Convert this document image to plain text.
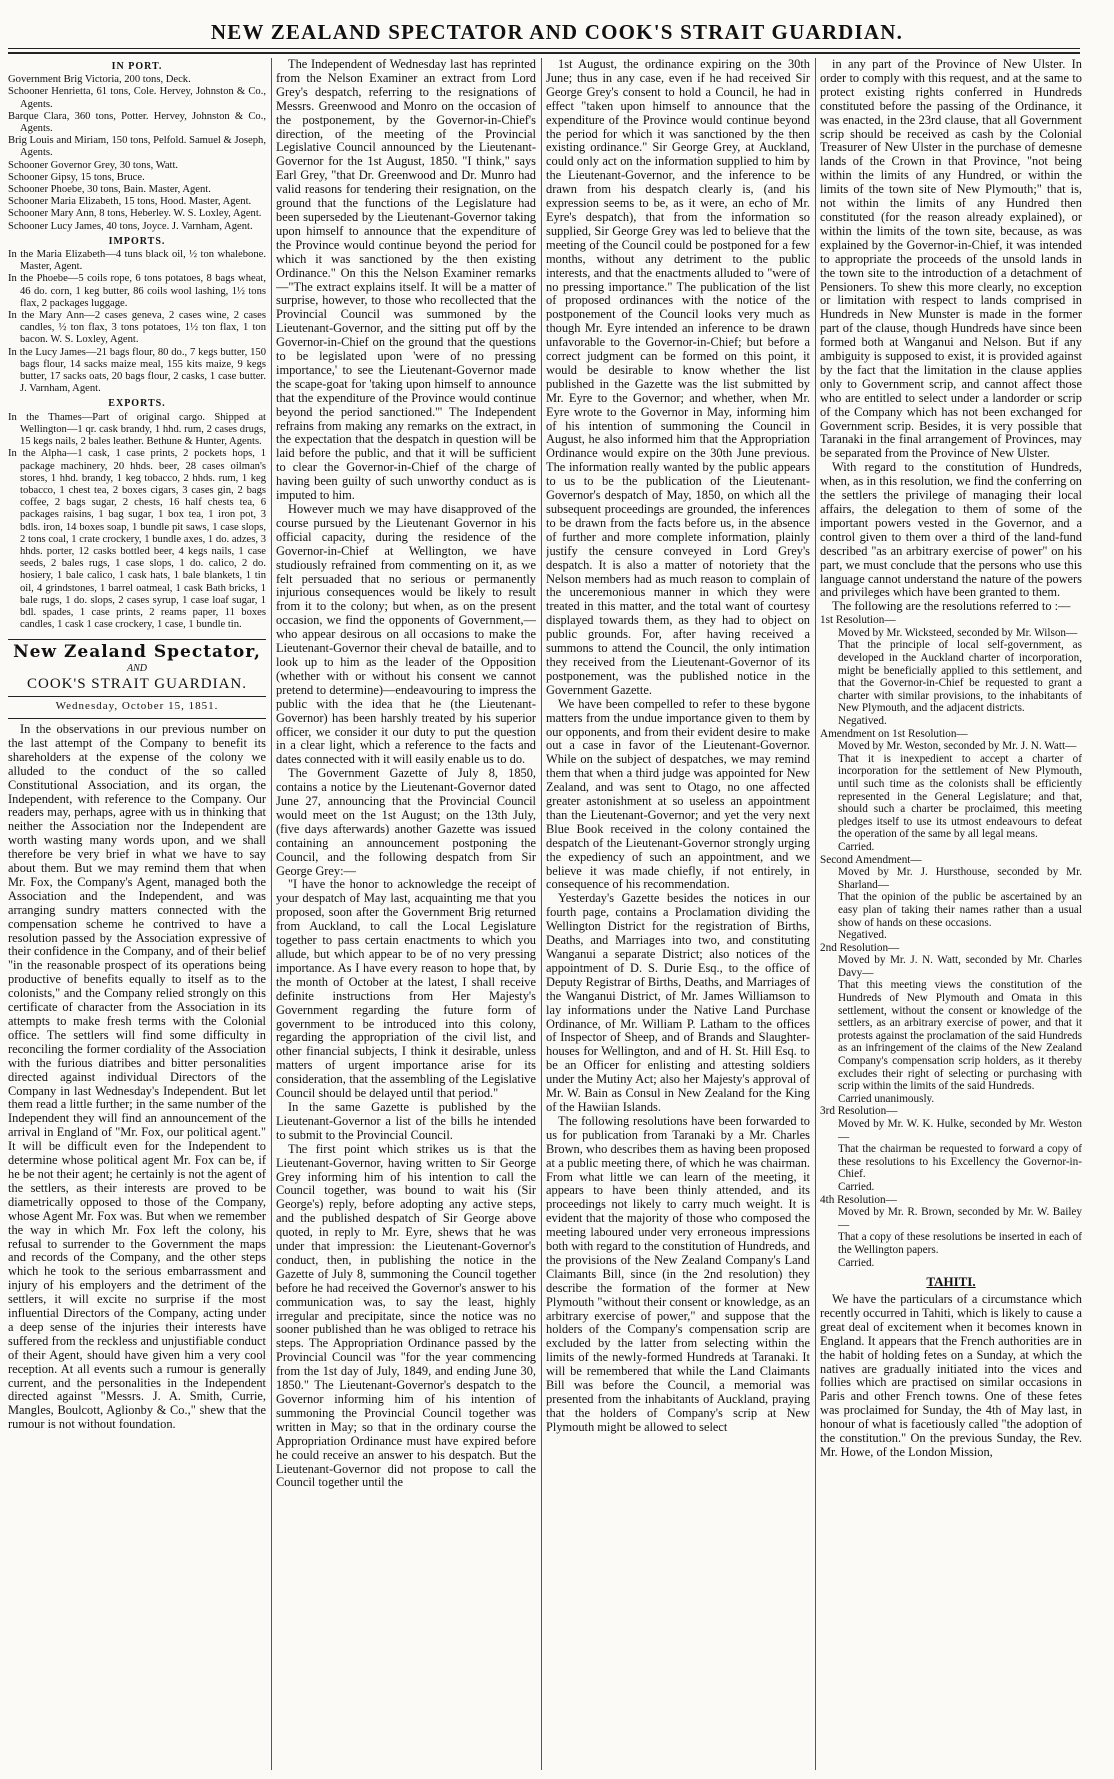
NEW ZEALAND SPECTATOR AND COOK'S STRAIT GUARDIAN.
IN PORT.

Government Brig Victoria, 200 tons, Deck.

Schooner Henrietta, 61 tons, Cole. Hervey, Johnston & Co., Agents.

Barque Clara, 360 tons, Potter. Hervey, Johnston & Co., Agents.

Brig Louis and Miriam, 150 tons, Pelfold. Samuel & Joseph, Agents.

Schooner Governor Grey, 30 tons, Watt.

Schooner Gipsy, 15 tons, Bruce.

Schooner Phoebe, 30 tons, Bain. Master, Agent.

Schooner Maria Elizabeth, 15 tons, Hood. Master, Agent.

Schooner Mary Ann, 8 tons, Heberley. W. S. Loxley, Agent.

Schooner Lucy James, 40 tons, Joyce. J. Varnham, Agent.

IMPORTS.

In the Maria Elizabeth—4 tuns black oil, ½ ton whalebone. Master, Agent.

In the Phoebe—5 coils rope, 6 tons potatoes, 8 bags wheat, 46 do. corn, 1 keg butter, 86 coils wool lashing, 1½ tons flax, 2 packages luggage.

In the Mary Ann—2 cases geneva, 2 cases wine, 2 cases candles, ½ ton flax, 3 tons potatoes, 1½ ton flax, 1 ton bacon. W. S. Loxley, Agent.

In the Lucy James—21 bags flour, 80 do., 7 kegs butter, 150 bags flour, 14 sacks maize meal, 155 kits maize, 9 kegs butter, 17 sacks oats, 20 bags flour, 2 casks, 1 case butter. J. Varnham, Agent.

EXPORTS.

In the Thames—Part of original cargo. Shipped at Wellington—1 qr. cask brandy, 1 hhd. rum, 2 cases drugs, 15 kegs nails, 2 bales leather. Bethune & Hunter, Agents.

In the Alpha—1 cask, 1 case prints, 2 pockets hops, 1 package machinery, 20 hhds. beer, 28 cases oilman's stores, 1 hhd. brandy, 1 keg tobacco, 2 hhds. rum, 1 keg tobacco, 1 chest tea, 2 boxes cigars, 3 cases gin, 2 bags coffee, 2 bags sugar, 2 chests, 16 half chests tea, 6 packages raisins, 1 bag sugar, 1 box tea, 1 iron pot, 3 bdls. iron, 14 boxes soap, 1 bundle pit saws, 1 case slops, 2 tons coal, 1 crate crockery, 1 bundle axes, 1 do. adzes, 3 hhds. porter, 12 casks bottled beer, 4 kegs nails, 1 case seeds, 2 bales rugs, 1 case slops, 1 do. calico, 2 do. hosiery, 1 bale calico, 1 cask hats, 1 bale blankets, 1 tin oil, 4 grindstones, 1 barrel oatmeal, 1 cask Bath bricks, 1 bale rugs, 1 do. slops, 2 cases syrup, 1 case loaf sugar, 1 bdl. spades, 1 case prints, 2 reams paper, 11 boxes candles, 1 cask 1 case crockery, 1 case, 1 bundle tin.

New Zealand Spectator,
AND
COOK'S STRAIT GUARDIAN.
Wednesday, October 15, 1851.

In the observations in our previous number on the last attempt of the Company to benefit its shareholders at the expense of the colony we alluded to the conduct of the so called Constitutional Association, and its organ, the Independent, with reference to the Company. Our readers may, perhaps, agree with us in thinking that neither the Association nor the Independent are worth wasting many words upon, and we shall therefore be very brief in what we have to say about them. But we may remind them that when Mr. Fox, the Company's Agent, managed both the Association and the Independent, and was arranging sundry matters connected with the compensation scheme he contrived to have a resolution passed by the Association expressive of their confidence in the Company, and of their belief "in the reasonable prospect of its operations being productive of benefits equally to itself as to the colonists," and the Company relied strongly on this certificate of character from the Association in its attempts to make fresh terms with the Colonial office. The settlers will find some difficulty in reconciling the former cordiality of the Association with the furious diatribes and bitter personalities directed against individual Directors of the Company in last Wednesday's Independent. But let them read a little further; in the same number of the Independent they will find an announcement of the arrival in England of "Mr. Fox, our political agent." It will be difficult even for the Independent to determine whose political agent Mr. Fox can be, if he be not their agent; he certainly is not the agent of the settlers, as their interests are proved to be diametrically opposed to those of the Company, whose Agent Mr. Fox was. But when we remember the way in which Mr. Fox left the colony, his refusal to surrender to the Government the maps and records of the Company, and the other steps which he took to the serious embarrassment and injury of his employers and the detriment of the settlers, it will excite no surprise if the most influential Directors of the Company, acting under a deep sense of the injuries their interests have suffered from the reckless and unjustifiable conduct of their Agent, should have given him a very cool reception. At all events such a rumour is generally current, and the personalities in the Independent directed against "Messrs. J. A. Smith, Currie, Mangles, Boulcott, Aglionby & Co.," shew that the rumour is not without foundation.

The Independent of Wednesday last has reprinted from the Nelson Examiner an extract from Lord Grey's despatch, referring to the resignations of Messrs. Greenwood and Monro on the occasion of the postponement, by the Governor-in-Chief's direction, of the meeting of the Provincial Legislative Council announced by the Lieutenant-Governor for the 1st August, 1850. "I think," says Earl Grey, "that Dr. Greenwood and Dr. Munro had valid reasons for tendering their resignation, on the ground that the functions of the Legislature had been superseded by the Lieutenant-Governor taking upon himself to announce that the expenditure of the Province would continue beyond the period for which it was sanctioned by the then existing Ordinance." On this the Nelson Examiner remarks—"The extract explains itself. It will be a matter of surprise, however, to those who recollected that the Provincial Council was summoned by the Lieutenant-Governor, and the sitting put off by the Governor-in-Chief on the ground that the questions to be legislated upon 'were of no pressing importance,' to see the Lieutenant-Governor made the scape-goat for 'taking upon himself to announce that the expenditure of the Province would continue beyond the period sanctioned.'" The Independent refrains from making any remarks on the extract, in the expectation that the despatch in question will be laid before the public, and that it will be sufficient to clear the Governor-in-Chief of the charge of having been guilty of such unworthy conduct as is imputed to him.

However much we may have disapproved of the course pursued by the Lieutenant Governor in his official capacity, during the residence of the Governor-in-Chief at Wellington, we have studiously refrained from commenting on it, as we felt persuaded that no serious or permanently injurious consequences would be likely to result from it to the colony; but when, as on the present occasion, we find the opponents of Government,—who appear desirous on all occasions to make the Lieutenant-Governor their cheval de bataille, and to look up to him as the leader of the Opposition (whether with or without his consent we cannot pretend to determine)—endeavouring to impress the public with the idea that he (the Lieutenant-Governor) has been harshly treated by his superior officer, we consider it our duty to put the question in a clear light, which a reference to the facts and dates connected with it will easily enable us to do.

The Government Gazette of July 8, 1850, contains a notice by the Lieutenant-Governor dated June 27, announcing that the Provincial Council would meet on the 1st August; on the 13th July, (five days afterwards) another Gazette was issued containing an announcement postponing the Council, and the following despatch from Sir George Grey:—

"I have the honor to acknowledge the receipt of your despatch of May last, acquainting me that you proposed, soon after the Government Brig returned from Auckland, to call the Local Legislature together to pass certain enactments to which you allude, but which appear to be of no very pressing importance. As I have every reason to hope that, by the month of October at the latest, I shall receive definite instructions from Her Majesty's Government regarding the future form of government to be introduced into this colony, regarding the appropriation of the civil list, and other financial subjects, I think it desirable, unless matters of urgent importance arise for its consideration, that the assembling of the Legislative Council should be delayed until that period."

In the same Gazette is published by the Lieutenant-Governor a list of the bills he intended to submit to the Provincial Council.

The first point which strikes us is that the Lieutenant-Governor, having written to Sir George Grey informing him of his intention to call the Council together, was bound to wait his (Sir George's) reply, before adopting any active steps, and the published despatch of Sir George above quoted, in reply to Mr. Eyre, shews that he was under that impression: the Lieutenant-Governor's conduct, then, in publishing the notice in the Gazette of July 8, summoning the Council together before he had received the Governor's answer to his communication was, to say the least, highly irregular and precipitate, since the notice was no sooner published than he was obliged to retrace his steps. The Appropriation Ordinance passed by the Provincial Council was "for the year commencing from the 1st day of July, 1849, and ending June 30, 1850." The Lieutenant-Governor's despatch to the Governor informing him of his intention of summoning the Provincial Council together was written in May; so that in the ordinary course the Appropriation Ordinance must have expired before he could receive an answer to his despatch. But the Lieutenant-Governor did not propose to call the Council together until the

1st August, the ordinance expiring on the 30th June; thus in any case, even if he had received Sir George Grey's consent to hold a Council, he had in effect "taken upon himself to announce that the expenditure of the Province would continue beyond the period for which it was sanctioned by the then existing ordinance." Sir George Grey, at Auckland, could only act on the information supplied to him by the Lieutenant-Governor, and the inference to be drawn from his despatch clearly is, (and his expression seems to be, as it were, an echo of Mr. Eyre's despatch), that from the information so supplied, Sir George Grey was led to believe that the meeting of the Council could be postponed for a few months, without any detriment to the public interests, and that the enactments alluded to "were of no pressing importance." The publication of the list of proposed ordinances with the notice of the postponement of the Council looks very much as though Mr. Eyre intended an inference to be drawn unfavorable to the Governor-in-Chief; but before a correct judgment can be formed on this point, it would be desirable to know whether the list published in the Gazette was the list submitted by Mr. Eyre to the Governor; and whether, when Mr. Eyre wrote to the Governor in May, informing him of his intention of summoning the Council in August, he also informed him that the Appropriation Ordinance would expire on the 30th June previous. The information really wanted by the public appears to us to be the publication of the Lieutenant-Governor's despatch of May, 1850, on which all the subsequent proceedings are grounded, the inferences to be drawn from the facts before us, in the absence of further and more complete information, plainly justify the censure conveyed in Lord Grey's despatch. It is also a matter of notoriety that the Nelson members had as much reason to complain of the unceremonious manner in which they were treated in this matter, and the total want of courtesy displayed towards them, as they had to object on public grounds. For, after having received a summons to attend the Council, the only intimation they received from the Lieutenant-Governor of its postponement, was the published notice in the Government Gazette.

We have been compelled to refer to these bygone matters from the undue importance given to them by our opponents, and from their evident desire to make out a case in favor of the Lieutenant-Governor. While on the subject of despatches, we may remind them that when a third judge was appointed for New Zealand, and was sent to Otago, no one affected greater astonishment at so useless an appointment than the Lieutenant-Governor; and yet the very next Blue Book received in the colony contained the despatch of the Lieutenant-Governor strongly urging the expediency of such an appointment, and we believe it was made chiefly, if not entirely, in consequence of his recommendation.

Yesterday's Gazette besides the notices in our fourth page, contains a Proclamation dividing the Wellington District for the registration of Births, Deaths, and Marriages into two, and constituting Wanganui a separate District; also notices of the appointment of D. S. Durie Esq., to the office of Deputy Registrar of Births, Deaths, and Marriages of the Wanganui District, of Mr. James Williamson to lay informations under the Native Land Purchase Ordinance, of Mr. William P. Latham to the offices of Inspector of Sheep, and of Brands and Slaughter-houses for Wellington, and and of H. St. Hill Esq. to be an Officer for enlisting and attesting soldiers under the Mutiny Act; also her Majesty's approval of Mr. W. Bain as Consul in New Zealand for the King of the Hawiian Islands.

The following resolutions have been forwarded to us for publication from Taranaki by a Mr. Charles Brown, who describes them as having been proposed at a public meeting there, of which he was chairman. From what little we can learn of the meeting, it appears to have been thinly attended, and its proceedings not likely to carry much weight. It is evident that the majority of those who composed the meeting laboured under very erroneous impressions both with regard to the constitution of Hundreds, and the provisions of the New Zealand Company's Land Claimants Bill, since (in the 2nd resolution) they describe the formation of the former at New Plymouth "without their consent or knowledge, as an arbitrary exercise of power," and suppose that the holders of the Company's compensation scrip are excluded by the latter from selecting within the limits of the newly-formed Hundreds at Taranaki. It will be remembered that while the Land Claimants Bill was before the Council, a memorial was presented from the inhabitants of Auckland, praying that the holders of Company's scrip at New Plymouth might be allowed to select

in any part of the Province of New Ulster. In order to comply with this request, and at the same to protect existing rights conferred in Hundreds constituted before the passing of the Ordinance, it was enacted, in the 23rd clause, that all Government scrip should be received as cash by the Colonial Treasurer of New Ulster in the purchase of demesne lands of the Crown in that Province, "not being within the limits of any Hundred, or within the limits of the town site of New Plymouth;" that is, not within the limits of any Hundred then constituted (for the reason already explained), or within the limits of the town site, because, as was explained by the Governor-in-Chief, it was intended to appropriate the proceeds of the unsold lands in the town site to the introduction of a detachment of Pensioners. To shew this more clearly, no exception or limitation with respect to lands comprised in Hundreds in New Munster is made in the former part of the clause, though Hundreds have since been formed both at Wanganui and Nelson. But if any ambiguity is supposed to exist, it is provided against by the fact that the limitation in the clause applies only to Government scrip, and cannot affect those who are entitled to select under a landorder or scrip of the Company which has not been exchanged for Government scrip. Besides, it is very possible that Taranaki in the final arrangement of Provinces, may be separated from the Province of New Ulster.

With regard to the constitution of Hundreds, when, as in this resolution, we find the conferring on the settlers the privilege of managing their local affairs, the delegation to them of some of the important powers vested in the Governor, and a control given to them over a third of the land-fund described "as an arbitrary exercise of power" on his part, we must conclude that the persons who use this language cannot understand the nature of the powers and privileges which have been granted to them.

The following are the resolutions referred to :—

1st Resolution—
Moved by Mr. Wicksteed, seconded by Mr. Wilson—
That the principle of local self-government, as developed in the Auckland charter of incorporation, might be beneficially applied to this settlement, and that the Governor-in-Chief be requested to grant a charter with similar provisions, to the inhabitants of New Plymouth, and the adjacent districts.
Negatived.
Amendment on 1st Resolution—
Moved by Mr. Weston, seconded by Mr. J. N. Watt—
That it is inexpedient to accept a charter of incorporation for the settlement of New Plymouth, until such time as the colonists shall be efficiently represented in the General Legislature; and that, should such a charter be proclaimed, this meeting pledges itself to use its utmost endeavours to defeat the operation of the same by all legal means.
Carried.
Second Amendment—
Moved by Mr. J. Hursthouse, seconded by Mr. Sharland—
That the opinion of the public be ascertained by an easy plan of taking their names rather than a usual show of hands on these occasions.
Negatived.
2nd Resolution—
Moved by Mr. J. N. Watt, seconded by Mr. Charles Davy—
That this meeting views the constitution of the Hundreds of New Plymouth and Omata in this settlement, without the consent or knowledge of the settlers, as an arbitrary exercise of power, and that it protests against the proclamation of the said Hundreds as an infringement of the claims of the New Zealand Company's compensation scrip holders, as it thereby excludes their right of selecting or purchasing with scrip within the limits of the said Hundreds.
Carried unanimously.
3rd Resolution—
Moved by Mr. W. K. Hulke, seconded by Mr. Weston—
That the chairman be requested to forward a copy of these resolutions to his Excellency the Governor-in-Chief.
Carried.
4th Resolution—
Moved by Mr. R. Brown, seconded by Mr. W. Bailey—
That a copy of these resolutions be inserted in each of the Wellington papers.
Carried.
TAHITI.

We have the particulars of a circumstance which recently occurred in Tahiti, which is likely to cause a great deal of excitement when it becomes known in England. It appears that the French authorities are in the habit of holding fetes on a Sunday, at which the natives are gradually initiated into the vices and follies which are practised on similar occasions in Paris and other French towns. One of these fetes was proclaimed for Sunday, the 4th of May last, in honour of what is facetiously called "the adoption of the constitution." On the previous Sunday, the Rev. Mr. Howe, of the London Mission,
